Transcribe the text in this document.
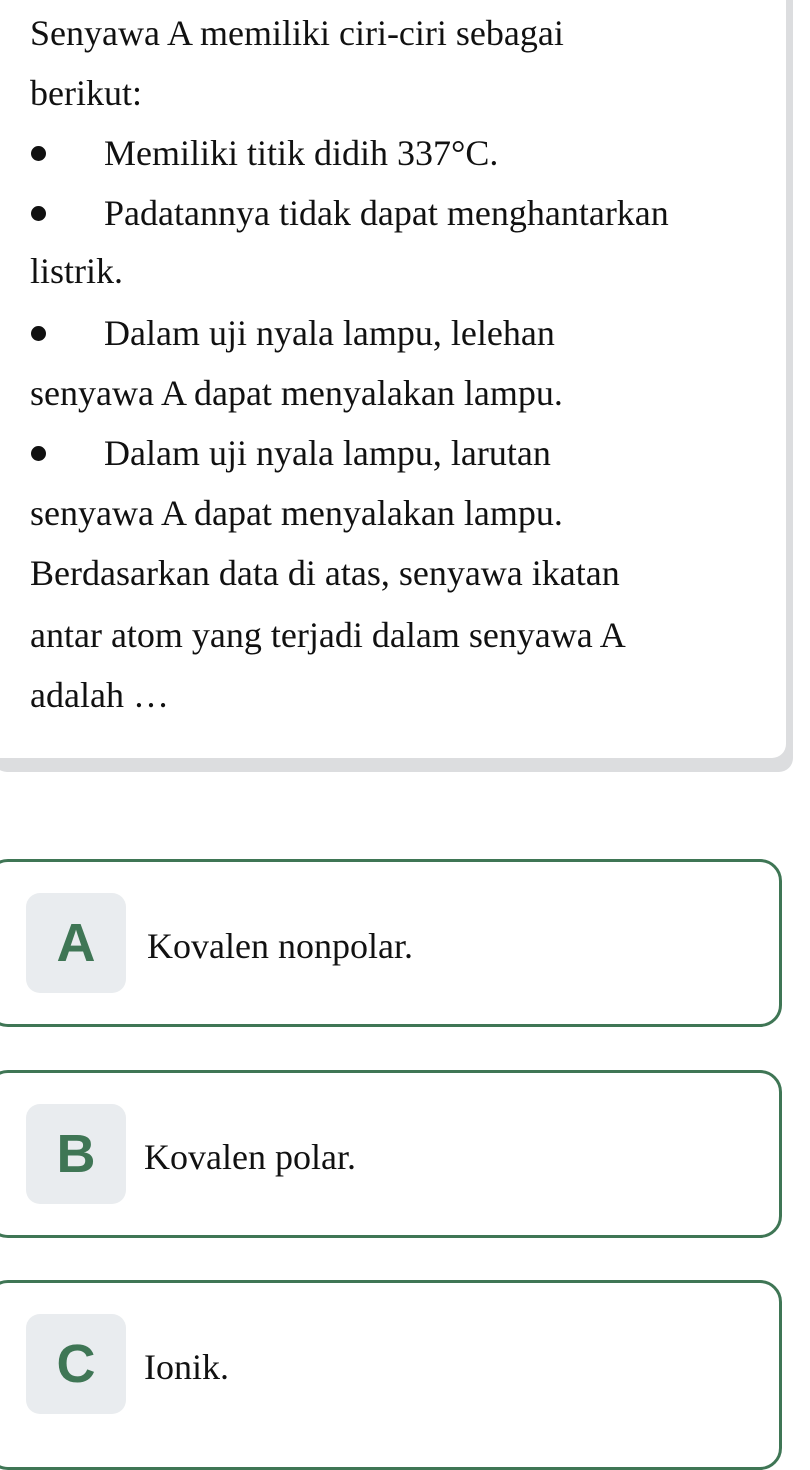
Senyawa A memiliki ciri-ciri sebagai
berikut:
Memiliki titik didih 337°C.
Padatannya tidak dapat menghantarkan
listrik.
Dalam uji nyala lampu, lelehan
senyawa A dapat menyalakan lampu.
Dalam uji nyala lampu, larutan
senyawa A dapat menyalakan lampu.
Berdasarkan data di atas, senyawa ikatan
antar atom yang terjadi dalam senyawa A
adalah …
A	Kovalen nonpolar.
B	Kovalen polar.
C	Ionik.
